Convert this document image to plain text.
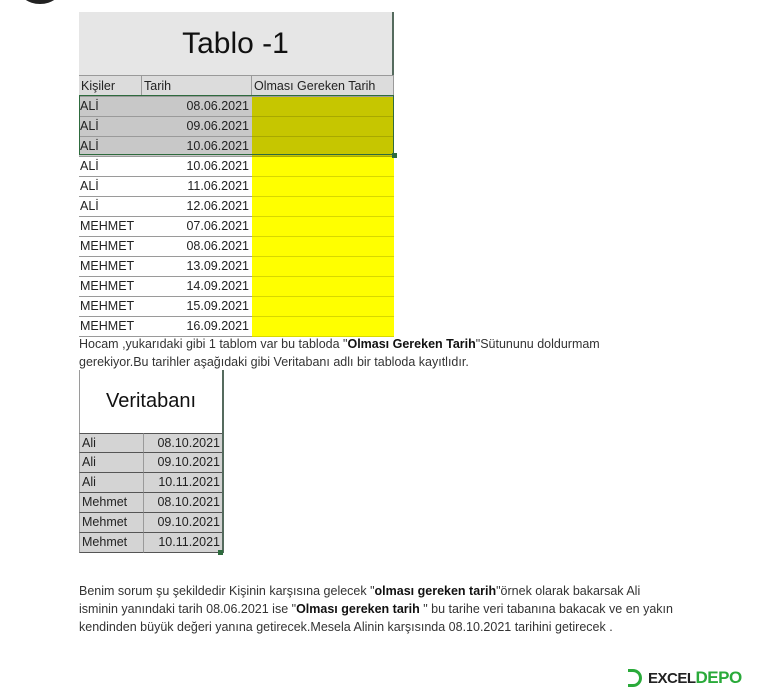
Tablo -1
Kişiler	Tarih	Olması Gereken Tarih
ALİ	08.06.2021
ALİ	09.06.2021
ALİ	10.06.2021
ALİ	10.06.2021
ALİ	11.06.2021
ALİ	12.06.2021
MEHMET	07.06.2021
MEHMET	08.06.2021
MEHMET	13.09.2021
MEHMET	14.09.2021
MEHMET	15.09.2021
MEHMET	16.09.2021
Hocam ,yukarıdaki gibi 1 tablom var bu tabloda "Olması Gereken Tarih"Sütununu doldurmam gerekiyor.Bu tarihler aşağıdaki gibi Veritabanı adlı bir tabloda kayıtlıdır.
Veritabanı
Ali	08.10.2021
Ali	09.10.2021
Ali	10.11.2021
Mehmet	08.10.2021
Mehmet	09.10.2021
Mehmet	10.11.2021
Benim sorum şu şekildedir Kişinin karşısına gelecek "olması gereken tarih"örnek olarak bakarsak Ali isminin yanındaki tarih 08.06.2021 ise "Olması gereken tarih " bu tarihe veri tabanına bakacak ve en yakın kendinden büyük değeri yanına getirecek.Mesela Alinin karşısında 08.10.2021 tarihini getirecek .
EXCELDEPO
